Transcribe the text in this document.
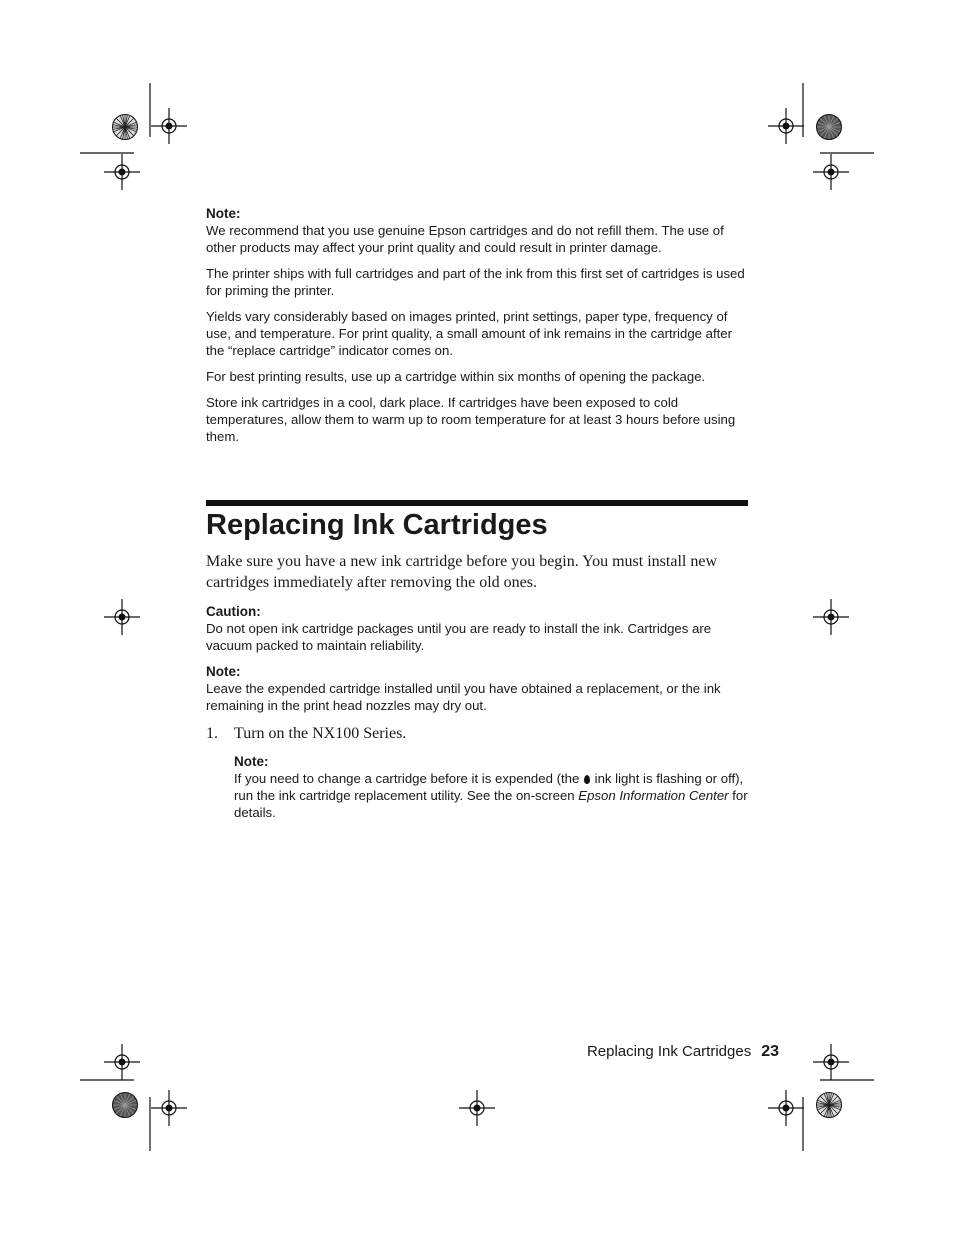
Note:

We recommend that you use genuine Epson cartridges and do not refill them. The use of other products may affect your print quality and could result in printer damage.

The printer ships with full cartridges and part of the ink from this first set of cartridges is used for priming the printer.

Yields vary considerably based on images printed, print settings, paper type, frequency of use, and temperature. For print quality, a small amount of ink remains in the cartridge after the “replace cartridge” indicator comes on.

For best printing results, use up a cartridge within six months of opening the package.

Store ink cartridges in a cool, dark place. If cartridges have been exposed to cold temperatures, allow them to warm up to room temperature for at least 3 hours before using them.

Replacing Ink Cartridges

Make sure you have a new ink cartridge before you begin. You must install new cartridges immediately after removing the old ones.

Caution:

Do not open ink cartridge packages until you are ready to install the ink. Cartridges are vacuum packed to maintain reliability.

Note:

Leave the expended cartridge installed until you have obtained a replacement, or the ink remaining in the print head nozzles may dry out.

1. Turn on the NX100 Series.

Note:

If you need to change a cartridge before it is expended (the ink light is flashing or off), run the ink cartridge replacement utility. See the on-screen Epson Information Center for details.

Replacing Ink Cartridges 23
